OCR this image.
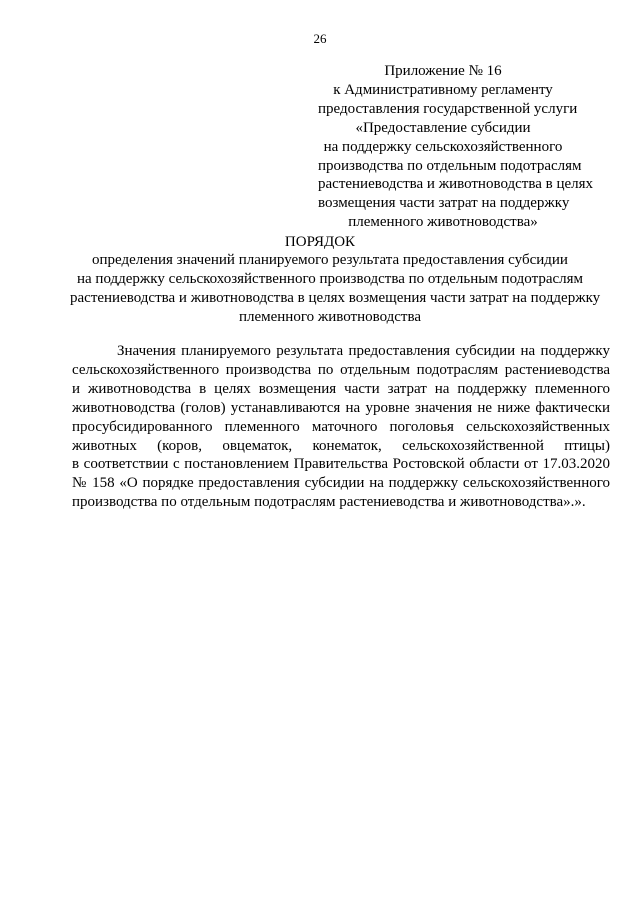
26
Приложение № 16
к Административному регламенту
предоставления государственной услуги
«Предоставление субсидии
на поддержку сельскохозяйственного
производства по отдельным подотраслям
растениеводства и животноводства в целях
возмещения части затрат на поддержку
племенного животноводства»
ПОРЯДОК
определения значений планируемого результата предоставления субсидии
на поддержку сельскохозяйственного производства по отдельным подотраслям
растениеводства и животноводства в целях возмещения части затрат на поддержку
племенного животноводства
Значения планируемого результата предоставления субсидии на поддержку
сельскохозяйственного производства по отдельным подотраслям растениеводства
и животноводства в целях возмещения части затрат на поддержку племенного
животноводства (голов) устанавливаются на уровне значения не ниже фактически
просубсидированного племенного маточного поголовья сельскохозяйственных
животных (коров, овцематок, конематок, сельскохозяйственной птицы)
в соответствии с постановлением Правительства Ростовской области от 17.03.2020
№ 158 «О порядке предоставления субсидии на поддержку сельскохозяйственного
производства по отдельным подотраслям растениеводства и животноводства».».
